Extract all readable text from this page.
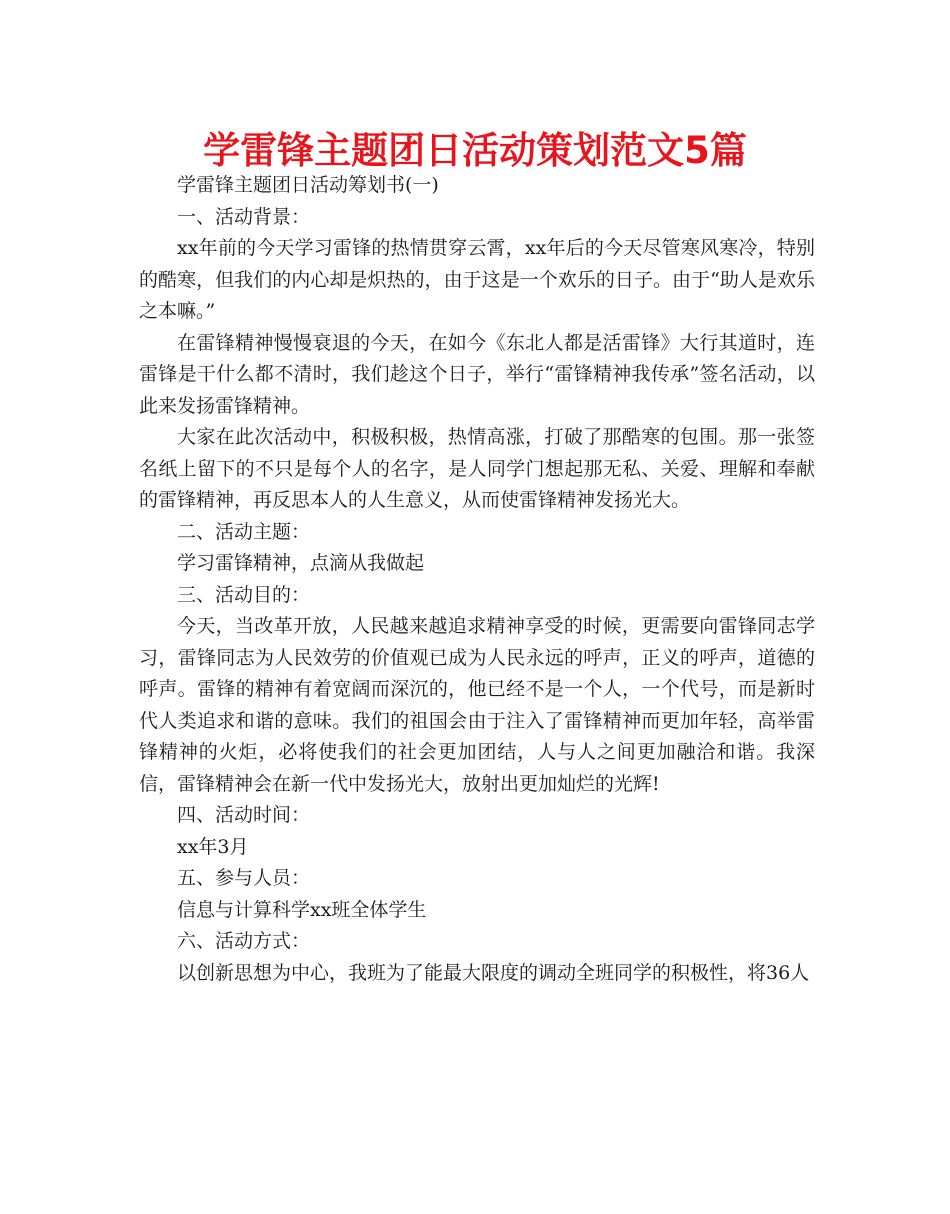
学雷锋主题团日活动策划范文5篇

学雷锋主题团日活动筹划书(一)

一、活动背景：

xx年前的今天学习雷锋的热情贯穿云霄，xx年后的今天尽管寒风寒冷，特别的酷寒，但我们的内心却是炽热的，由于这是一个欢乐的日子。由于“助人是欢乐之本嘛。”

在雷锋精神慢慢衰退的今天，在如今《东北人都是活雷锋》大行其道时，连雷锋是干什么都不清时，我们趁这个日子，举行“雷锋精神我传承”签名活动，以此来发扬雷锋精神。

大家在此次活动中，积极积极，热情高涨，打破了那酷寒的包围。那一张签名纸上留下的不只是每个人的名字，是人同学门想起那无私、关爱、理解和奉献的雷锋精神，再反思本人的人生意义，从而使雷锋精神发扬光大。

二、活动主题：

学习雷锋精神，点滴从我做起

三、活动目的：

今天，当改革开放，人民越来越追求精神享受的时候，更需要向雷锋同志学习，雷锋同志为人民效劳的价值观已成为人民永远的呼声，正义的呼声，道德的呼声。雷锋的精神有着宽阔而深沉的，他已经不是一个人，一个代号，而是新时代人类追求和谐的意味。我们的祖国会由于注入了雷锋精神而更加年轻，高举雷锋精神的火炬，必将使我们的社会更加团结，人与人之间更加融洽和谐。我深信，雷锋精神会在新一代中发扬光大，放射出更加灿烂的光辉!

四、活动时间：

xx年3月

五、参与人员：

信息与计算科学xx班全体学生

六、活动方式：

以创新思想为中心，我班为了能最大限度的调动全班同学的积极性，将36人
